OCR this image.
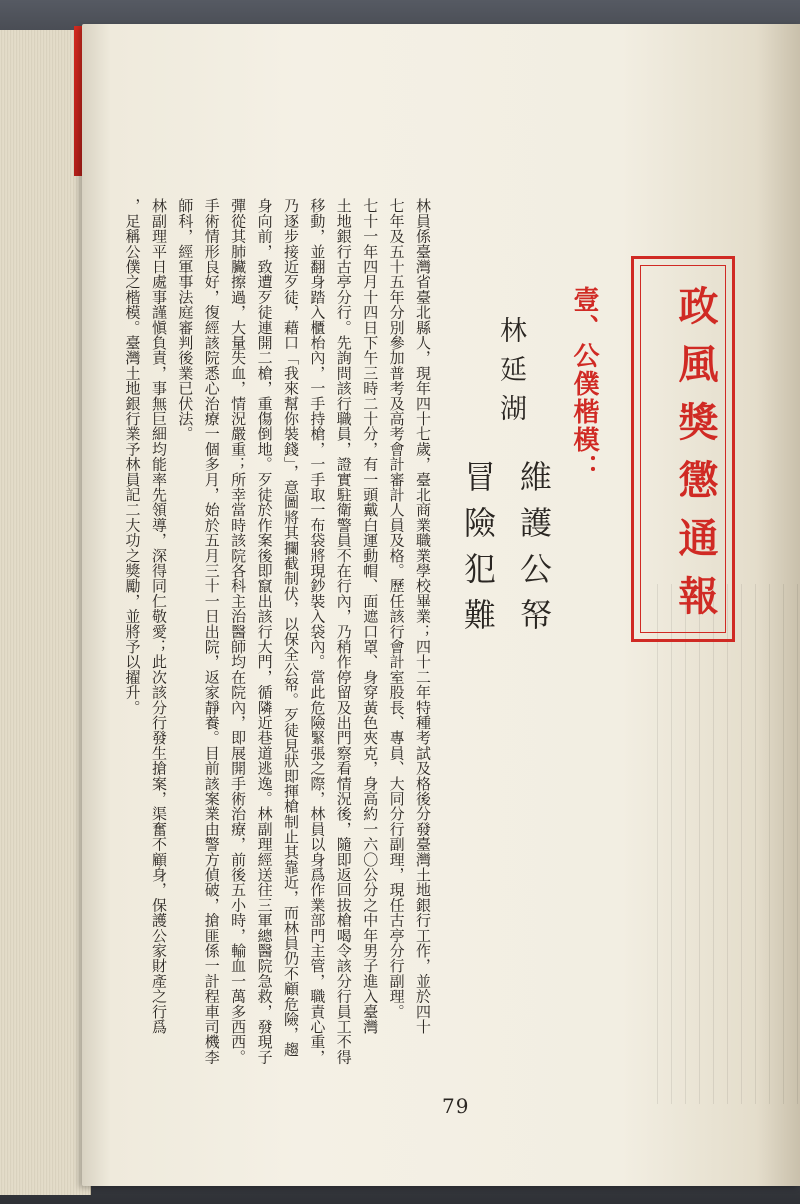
政風獎懲通報
壹、公僕楷模：
林延湖
維護公帑
冒險犯難
林員係臺灣省臺北縣人，現年四十七歲，臺北商業職業學校畢業；四十二年特種考試及格後分發臺灣土地銀行工作，並於四十
七年及五十五年分別參加普考及高考會計審計人員及格。歷任該行會計室股長、專員、大同分行副理，現任古亭分行副理。
七十一年四月十四日下午三時二十分，有一頭戴白運動帽、面遮口罩、身穿黃色夾克，身高約一六〇公分之中年男子進入臺灣
土地銀行古亭分行。先詢問該行職員，證實駐衛警員不在行內，乃稍作停留及出門察看情況後，隨即返回拔槍喝令該分行員工不得
移動，並翻身踏入櫃枱內，一手持槍，一手取一布袋將現鈔裝入袋內。當此危險緊張之際，林員以身爲作業部門主管，職責心重，
乃逐步接近歹徒，藉口「我來幫你裝錢」，意圖將其攔截制伏，以保全公帑。歹徒見狀即揮槍制止其靠近，而林員仍不顧危險，趨
身向前，致遭歹徒連開二槍，重傷倒地。歹徒於作案後即竄出該行大門，循隣近巷道逃逸。林副理經送往三軍總醫院急救，發現子
彈從其肺臟擦過，大量失血，情況嚴重；所幸當時該院各科主治醫師均在院內，即展開手術治療，前後五小時，輸血一萬多西西。
手術情形良好，復經該院悉心治療一個多月，始於五月三十一日出院，返家靜養。目前該案業由警方偵破，搶匪係一計程車司機李
師科，經軍事法庭審判後業已伏法。
林副理平日處事謹愼負責，事無巨細均能率先領導，深得同仁敬愛；此次該分行發生搶案，渠奮不顧身，保護公家財產之行爲
，足稱公僕之楷模。臺灣土地銀行業予林員記二大功之獎勵，並將予以擢升。
79
